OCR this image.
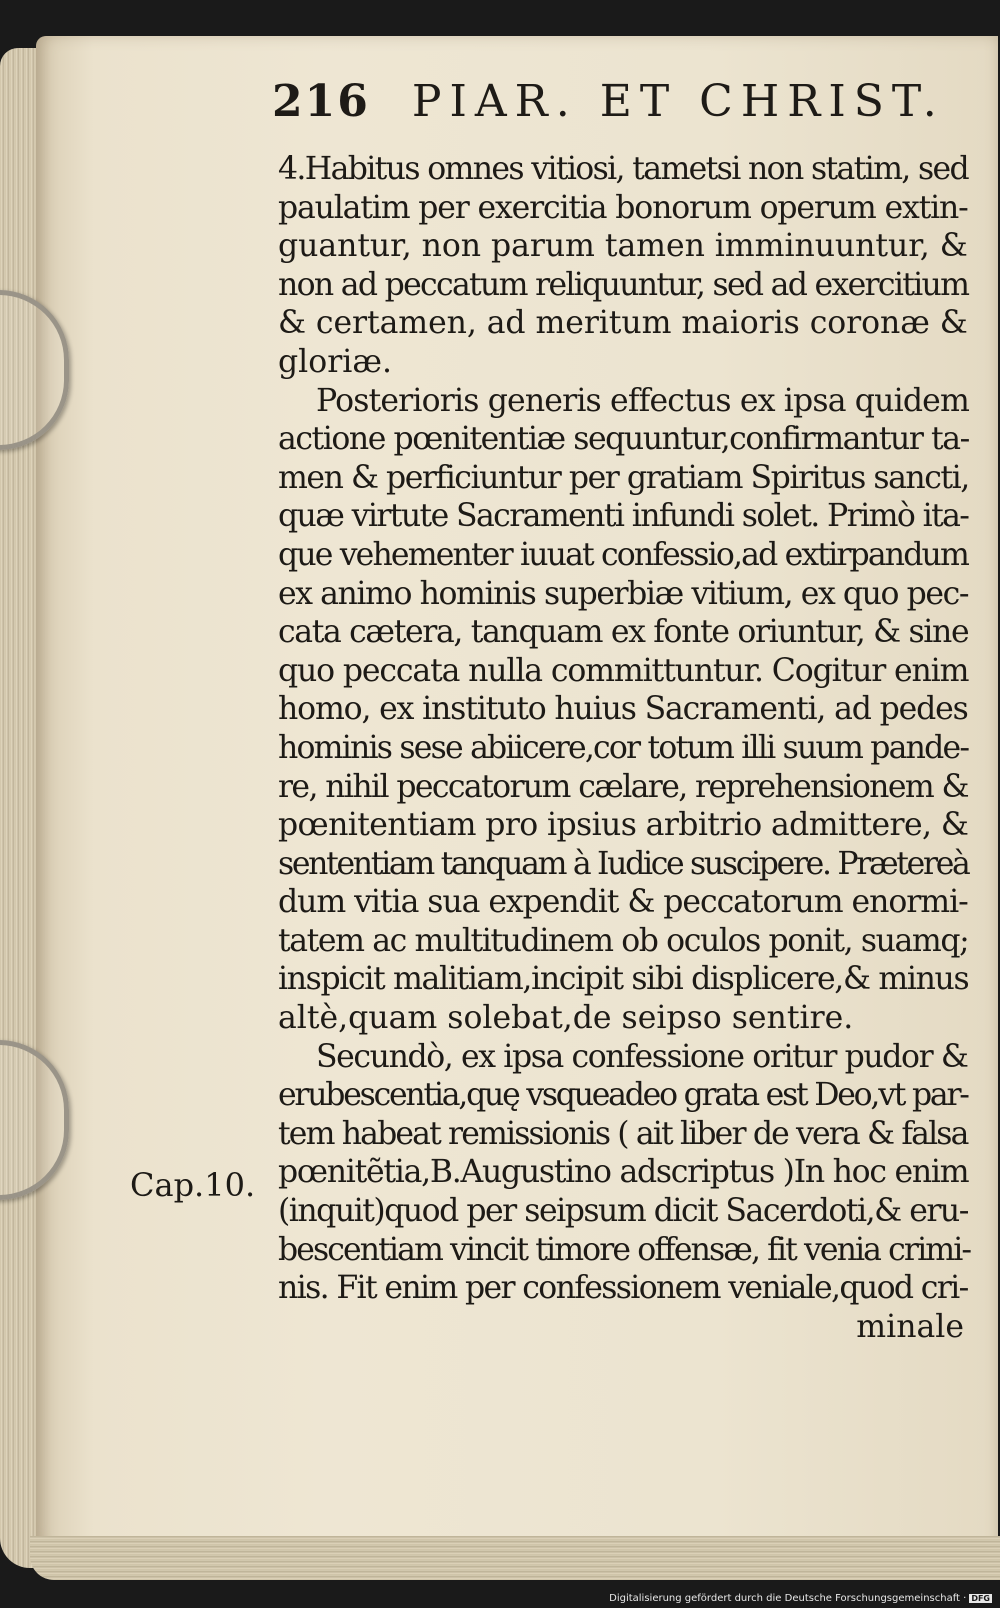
216 PIAR. ET CHRIST.
4.Habitus omnes vitiosi, tametsi non statim, sed
paulatim per exercitia bonorum operum extin-
guantur, non parum tamen imminuuntur, &
non ad peccatum reliquuntur, sed ad exercitium
& certamen, ad meritum maioris coronæ &
gloriæ.
Posterioris generis effectus ex ipsa quidem
actione pœnitentiæ sequuntur,confirmantur ta-
men & perficiuntur per gratiam Spiritus sancti,
quæ virtute Sacramenti infundi solet. Primò ita-
que vehementer iuuat confessio,ad extirpandum
ex animo hominis superbiæ vitium, ex quo pec-
cata cætera, tanquam ex fonte oriuntur, & sine
quo peccata nulla committuntur. Cogitur enim
homo, ex instituto huius Sacramenti, ad pedes
hominis sese abiicere,cor totum illi suum pande-
re, nihil peccatorum cælare, reprehensionem &
pœnitentiam pro ipsius arbitrio admittere, &
sententiam tanquam à Iudice suscipere. Prætereà
dum vitia sua expendit & peccatorum enormi-
tatem ac multitudinem ob oculos ponit, suamq;
inspicit malitiam,incipit sibi displicere,& minus
altè,quam solebat,de seipso sentire.
Secundò, ex ipsa confessione oritur pudor &
erubescentia,quę vsqueadeo grata est Deo,vt par-
tem habeat remissionis ( ait liber de vera & falsa
pœnitẽtia,B.Augustino adscriptus )In hoc enim
(inquit)quod per seipsum dicit Sacerdoti,& eru-
bescentiam vincit timore offensæ, fit venia crimi-
nis. Fit enim per confessionem veniale,quod cri-
minale
Cap.10.
Digitalisierung gefördert durch die Deutsche Forschungsgemeinschaft · DFG
